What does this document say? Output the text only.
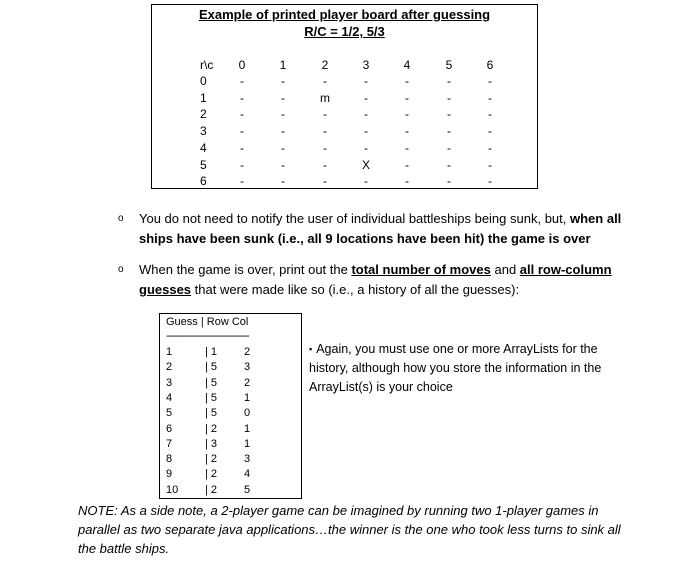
Example of printed player board after guessing
R/C = 1/2, 5/3
r\c 0	1	2	3	4	5	6
0	-	-	-	-	-	-	-
1	-	-	m	-	-	-	-
2	-	-	-	-	-	-	-
3	-	-	-	-	-	-	-
4	-	-	-	-	-	-	-
5	-	-	-	X	-	-	-
6	-	-	-	-	-	-	-
o You do not need to notify the user of individual battleships being sunk, but, when all ships have been sunk (i.e., all 9 locations have been hit) the game is over
o When the game is over, print out the total number of moves and all row-column guesses that were made like so (i.e., a history of all the guesses):
Guess | Row Col
-------------------------------
1	| 1 2
2	| 5 3
3	| 5 2
4	| 5 1
5	| 5 0
6	| 2 1
7	| 3 1
8	| 2 3
9	| 2 4
10 | 2 5
▪ Again, you must use one or more ArrayLists for the history, although how you store the information in the ArrayList(s) is your choice
NOTE: As a side note, a 2-player game can be imagined by running two 1-player games in parallel as two separate java applications…the winner is the one who took less turns to sink all the battle ships.
